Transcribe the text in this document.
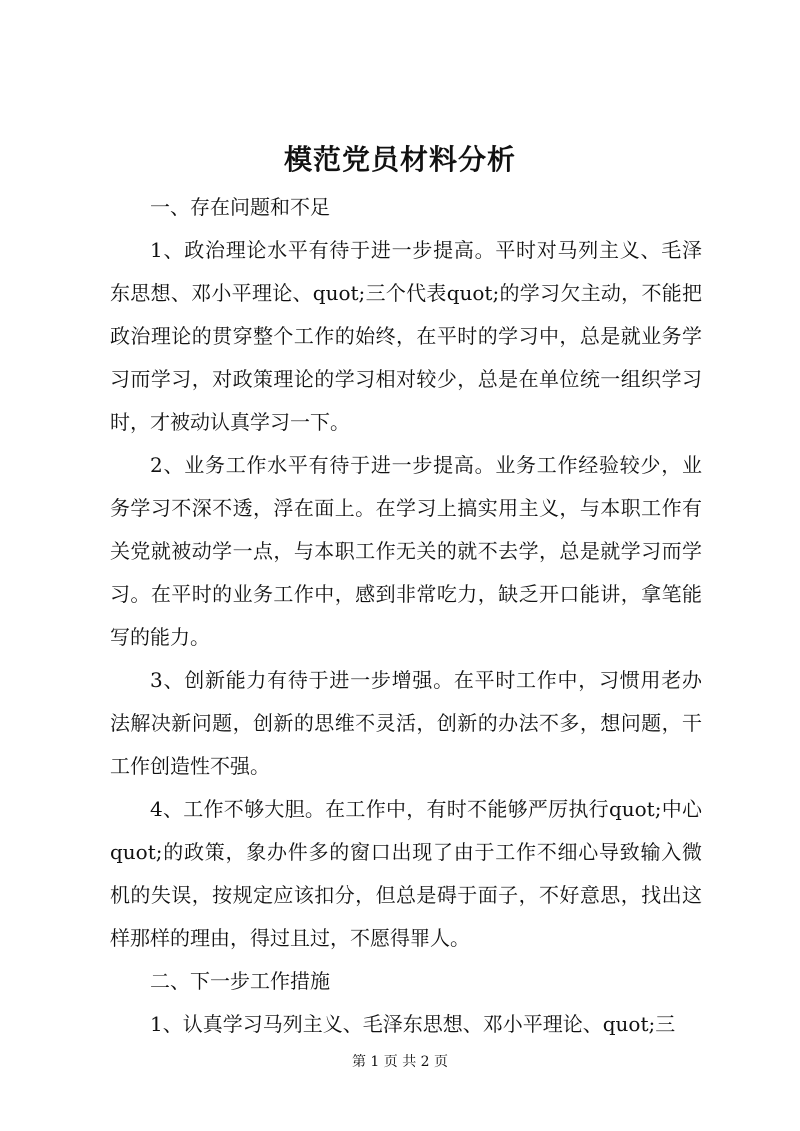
模范党员材料分析

一、存在问题和不足

1、政治理论水平有待于进一步提高。平时对马列主义、毛泽东思想、邓小平理论、quot;三个代表quot;的学习欠主动，不能把政治理论的贯穿整个工作的始终，在平时的学习中，总是就业务学习而学习，对政策理论的学习相对较少，总是在单位统一组织学习时，才被动认真学习一下。

2、业务工作水平有待于进一步提高。业务工作经验较少，业务学习不深不透，浮在面上。在学习上搞实用主义，与本职工作有关党就被动学一点，与本职工作无关的就不去学，总是就学习而学习。在平时的业务工作中，感到非常吃力，缺乏开口能讲，拿笔能写的能力。

3、创新能力有待于进一步增强。在平时工作中，习惯用老办法解决新问题，创新的思维不灵活，创新的办法不多，想问题，干工作创造性不强。

4、工作不够大胆。在工作中，有时不能够严厉执行quot;中心quot;的政策，象办件多的窗口出现了由于工作不细心导致输入微机的失误，按规定应该扣分，但总是碍于面子，不好意思，找出这样那样的理由，得过且过，不愿得罪人。

二、下一步工作措施

1、认真学习马列主义、毛泽东思想、邓小平理论、quot;三

第 1 页 共 2 页
